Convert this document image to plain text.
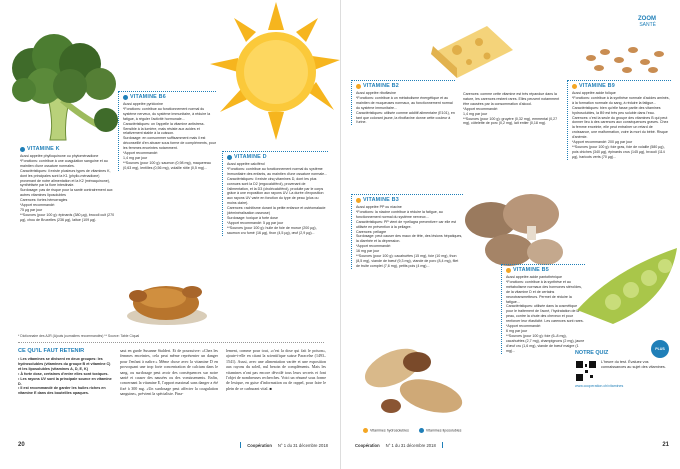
VITAMINE K

Aussi appelée phylloquinone ou phytoménadione

*Fonctions: contribue à une coagulation sanguine et au maintien d'une ossature normales.

Caractéristiques: il existe plusieurs types de vitamines K, dont les principales sont la K1 (phyllo-ménadione) provenant de notre alimentation et la K2 (ménaquinone), synthétisée par la flore intestinale.

Surdosage: pas de risque pour la santé contrairement aux autres vitamines liposolubles

Carences: fortes hémorragies

*Apport recommandé:

75 µg par jour

**Sources (pour 100 g): épinards (380 µg), brocoli cuit (270 µg), chou de Bruxelles (236 µg), laitue (109 µg).

VITAMINE B6

Aussi appelée pyridoxine

*Fonctions: contribue au fonctionnement normal du système nerveux, du système immunitaire, à réduire la fatigue, à réguler l'activité hormonale...

Caractéristiques: on l'appelle la vitamine antistress. Sensible à la lumière, mais résiste aux acides et relativement stable à la cuisson.

Surdosage: en consommer suffisamment mais il est déconseillé d'en abuser sous forme de compléments, pour les femmes enceintes notamment.

*Apport recommandé:

1,4 mg par jour

**Sources (pour 100 g): saumon (0,98 mg), maquereau (0,63 mg), lentilles (0,56 mg), volaille rôtie (0,5 mg)...

VITAMINE D

Aussi appelée calciférol

*Fonctions: contribue au fonctionnement normal du système immunitaire des enfants, au maintien d'une ossature normale...

Caractéristiques: il existe cinq vitamines D, dont les plus connues sont la D2 (ergocalciférol), provenant de l'alimentation, et la D3 (cholécalciférol), produite par le corps grâce à une exposition aux rayons UV. La durée d'exposition aux rayons UV varie en fonction du type de peau (plus ou moins claire).

Carences: rachitisme durant la petite enfance et ostéomalacie (déminéralisation osseuse)

Surdosage: toxique à forte dose

*Apport recommandé: 5 µg par jour

**Sources (pour 100 g): huile de foie de morue (200 µg), saumon cru fumé (16 µg), thon (4,5 µg), œuf (2,9 µg)...

* Dictionnaire des AJR (Ajouts journaliers recommandés) ** Source: Table Ciqual
CE QU'IL FAUT RETENIR

• Les vitamines se divisent en deux groupes: les hydrosolubles (vitamines du groupe B et vitamine C) et les liposolubles (vitamines A, D, E, K)

• À forte dose, certaines d'entre elles sont toxiques.

• Les rayons UV sont la principale source en vitamine D.

• Il est recommandé de garder les huiles riches en vitamine E dans des bouteilles opaques.

saut en garde Susanne Staldert. Et de poursuivre: «Chez les femmes enceintes, cela peut même représenter un danger pour l'enfant à naître.» Même chose avec la vitamine D en provoquant une trop forte concentration de calcium dans le sang, ou surdosage peut avoir des conséquences sur notre santé et causer des nausées ou des vomissements. Enfin, concernant la vitamine E, l'apport maximal sans danger a été fixé à 300 mg. «Un surdosage peut affecter la coagulation sanguine», prévient la spécialiste. Fina-
lement, comme pour tout, «c'est la dose qui fait le poison», ajoute-t-elle en citant la scientifique suisse Paracelse (1493–1541). Aussi, avec une alimentation variée et une exposition aux rayons du soleil, nul besoin de compléments. Mais les vitamines n'ont pas encore dévoilé tous leurs secrets et font l'objet de nombreuses recherches. Voici un résumé sous forme de lexique, en guise d'information ou de rappel, pour faire le plein de ce carburant vital. ■
20	Coopération N° 1 du 31 décembre 2018
ZOOM
SANTÉ
VITAMINE B2

Aussi appelée riboflavine

*Fonctions: contribue à un métabolisme énergétique et au maintien de muqueuses normaux, au fonctionnement normal du système immunitaire...

Caractéristiques: utilisée comme additif alimentaire (E101), en tant que colorant jaune, la riboflavine donne cette couleur à l'urine.

Carences: comme cette vitamine est très répandue dans la nature, les carences restent rares. Elles peuvent notamment être causées par la consommation d'alcool.

*Apport recommandé:

1,4 mg par jour

**Sources (pour 100 g): gruyère (0,32 mg), emmental (0,27 mg), côtelette de porc (0,2 mg), lait entier (0,18 mg).

VITAMINE B9

Aussi appelée acide folique

*Fonctions: contribue à la synthèse normale d'acides aminés, à la formation normale du sang, à réduire la fatigue...

Caractéristiques: bien qu'elle fasse partie des vitamines hydrosolubles, la B9 est très peu soluble dans l'eau.

Carences: c'est la seule du groupe des vitamines B qui peut donner lieu à des carences aux conséquences graves. Chez la femme enceinte, elle peut entraîner un retard de croissance, une malformation, voire la mort du bébé. Risque d'anémie.

*Apport recommandé: 200 µg par jour

**Sources (pour 100 g): foie gras, foie de volaille (580 µg), pois chiches (340 µg), épinards crus (145 µg), brocoli (114 µg), haricots verts (70 µg)...

VITAMINE B3

Aussi appelée PP ou niacine

*Fonctions: la niacine contribue à réduire la fatigue, au fonctionnement normal du système nerveux...

Caractéristiques: PP vient de «pellagra preventive» car elle est utilisée en prévention à la pellagre.

Carences: pellagre

Surdosage: peut causer des maux de tête, des lésions hépatiques, la diarrhée et la dépression.

*Apport recommandé:

16 mg par jour

**Sources (pour 100 g): cacahuètes (15 mg), foie (10 mg), thon (8,5 mg), viande de bœuf (9,3 mg), viande de porc (8,4 mg), filet de truite complet (7,6 mg), petits pois (4 mg)...

VITAMINE B5

Aussi appelée acide pantothénique

*Fonctions: contribue à la synthèse et au métabolisme normaux des hormones stéroïdes, de la vitamine D et de certains neurotransmetteurs. Permet de réduire la fatigue...

Caractéristiques: utilisée dans la cosmétique pour le traitement de l'acné, l'hydratation de la peau, contre la chute des cheveux et pour renforcer leur élasticité. Les carences sont rares.

*Apport recommandé:

6 mg par jour

**Sources (pour 100 g): foie (6–8 mg), cacahuètes (2,7 mg), champignons (2 mg), jaune d'œuf cru (1,6 mg), viande de bœuf maigre (1 mg)...

Vitamines hydrosolubles	Vitamines liposolubles
NOTRE QUIZ
PLUS
L'heure du test. Évaluez vos connaissances au sujet des vitamines.
www.cooperation.ch/vitamines
Coopération N° 1 du 31 décembre 2018	21
